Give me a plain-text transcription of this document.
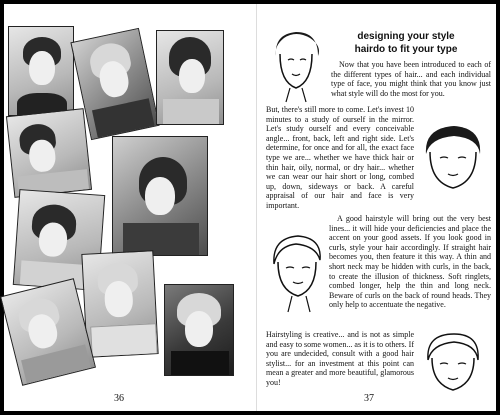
36
designing your style
hairdo to fit your type

Now that you have been introduced to each of the different types of hair... and each individual type of face, you might think that you know just what style will do the most for you.

But, there's still more to come. Let's invest 10 minutes to a study of ourself in the mirror. Let's study ourself and every conceivable angle... front, back, left and right side. Let's determine, for once and for all, the exact face type we are... whether we have thick hair or thin hair, oily, normal, or dry hair... whether we can wear our hair short or long, combed up, down, sideways or back. A careful appraisal of our hair and face is very important.

A good hairstyle will bring out the very best lines... it will hide your deficiencies and place the accent on your good assets. If you look good in curls, style your hair accordingly. If straight hair becomes you, then feature it this way. A thin and short neck may be hidden with curls, in the back, to create the illusion of thickness. Soft ringlets, combed longer, help the thin and long neck. Beware of curls on the back of round heads. They only help to accentuate the negative.

Hairstyling is creative... and is not as simple and easy to some women... as it is to others. If you are undecided, consult with a good hair stylist... for an investment at this point can mean a greater and more beautiful, glamorous you!

37
